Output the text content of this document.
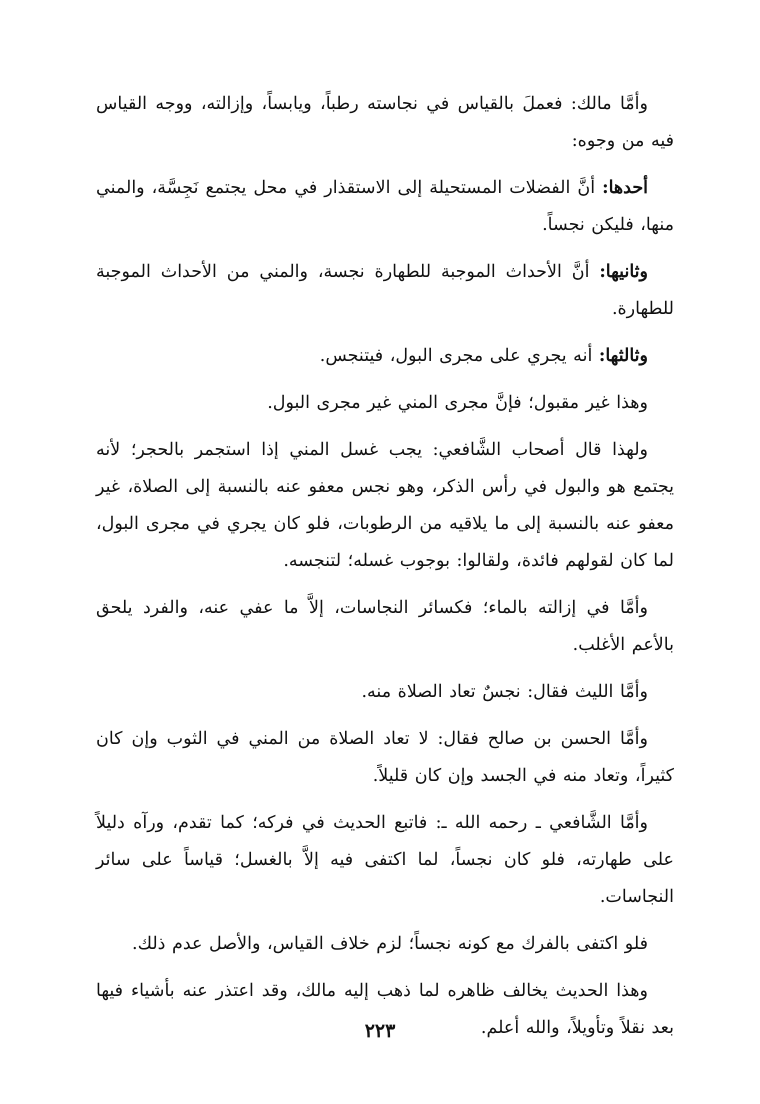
وأمَّا مالك: فعملَ بالقياس في نجاسته رطباً، ويابساً، وإزالته، ووجه القياس فيه من وجوه:

أحدها: أنَّ الفضلات المستحيلة إلى الاستقذار في محل يجتمع نَجِسَّة، والمني منها، فليكن نجساً.

وثانيها: أنَّ الأحداث الموجبة للطهارة نجسة، والمني من الأحداث الموجبة للطهارة.

وثالثها: أنه يجري على مجرى البول، فيتنجس.

وهذا غير مقبول؛ فإنَّ مجرى المني غير مجرى البول.

ولهذا قال أصحاب الشَّافعي: يجب غسل المني إذا استجمر بالحجر؛ لأنه يجتمع هو والبول في رأس الذكر، وهو نجس معفو عنه بالنسبة إلى الصلاة، غير معفو عنه بالنسبة إلى ما يلاقيه من الرطوبات، فلو كان يجري في مجرى البول، لما كان لقولهم فائدة، ولقالوا: بوجوب غسله؛ لتنجسه.

وأمَّا في إزالته بالماء؛ فكسائر النجاسات، إلاَّ ما عفي عنه، والفرد يلحق بالأعم الأغلب.

وأمَّا الليث فقال: نجسٌ تعاد الصلاة منه.

وأمَّا الحسن بن صالح فقال: لا تعاد الصلاة من المني في الثوب وإن كان كثيراً، وتعاد منه في الجسد وإن كان قليلاً.

وأمَّا الشَّافعي ـ رحمه الله ـ: فاتبع الحديث في فركه؛ كما تقدم، ورآه دليلاً على طهارته، فلو كان نجساً، لما اكتفى فيه إلاَّ بالغسل؛ قياساً على سائر النجاسات.

فلو اكتفى بالفرك مع كونه نجساً؛ لزم خلاف القياس، والأصل عدم ذلك.

وهذا الحديث يخالف ظاهره لما ذهب إليه مالك، وقد اعتذر عنه بأشياء فيها بعد نقلاً وتأويلاً، والله أعلم.

٢٢٣
